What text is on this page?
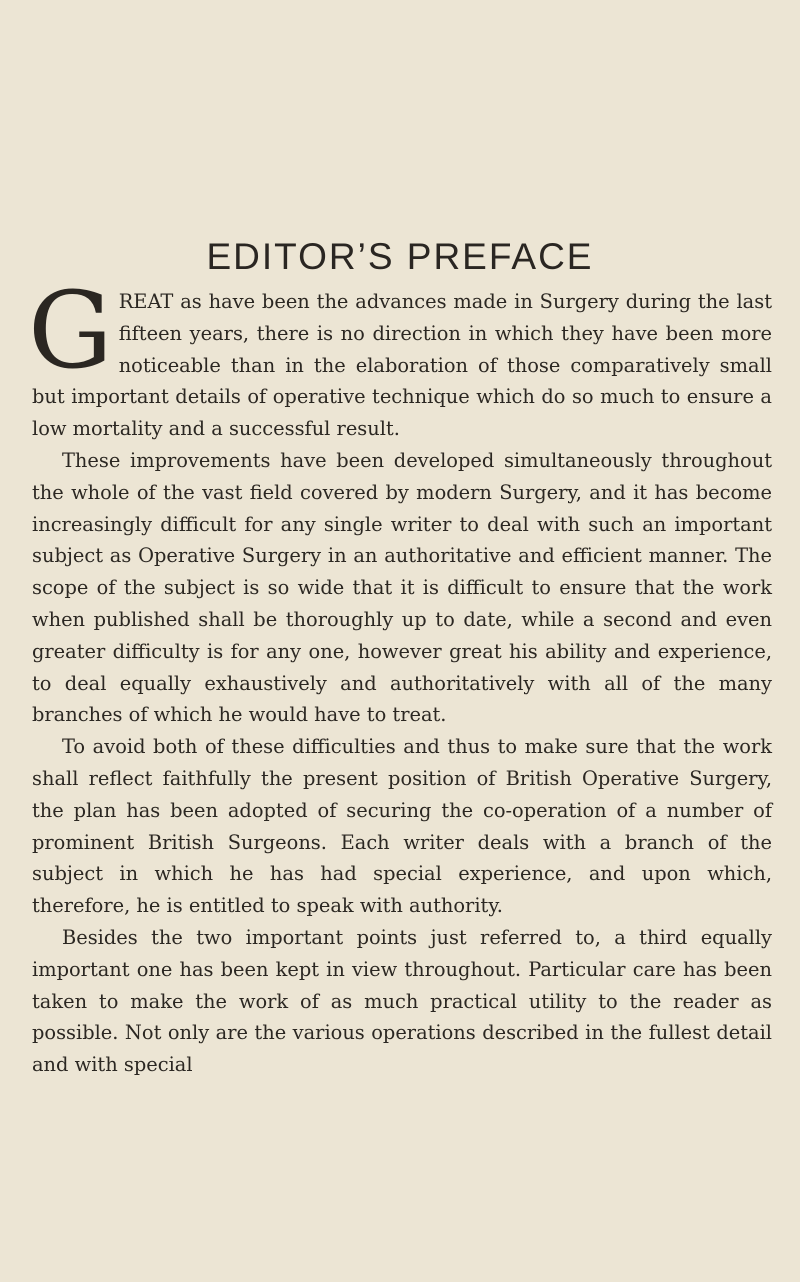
EDITOR’S PREFACE

GREAT as have been the advances made in Surgery during the last fifteen years, there is no direction in which they have been more noticeable than in the elaboration of those comparatively small but important details of operative technique which do so much to ensure a low mortality and a successful result.

These improvements have been developed simultaneously throughout the whole of the vast field covered by modern Surgery, and it has become increasingly difficult for any single writer to deal with such an important subject as Operative Surgery in an authoritative and efficient manner. The scope of the subject is so wide that it is difficult to ensure that the work when published shall be thoroughly up to date, while a second and even greater difficulty is for any one, however great his ability and experience, to deal equally exhaustively and authoritatively with all of the many branches of which he would have to treat.

To avoid both of these difficulties and thus to make sure that the work shall reflect faithfully the present position of British Operative Surgery, the plan has been adopted of securing the co-operation of a number of prominent British Surgeons. Each writer deals with a branch of the subject in which he has had special experience, and upon which, therefore, he is entitled to speak with authority.

Besides the two important points just referred to, a third equally important one has been kept in view throughout. Particular care has been taken to make the work of as much practical utility to the reader as possible. Not only are the various operations described in the fullest detail and with special
